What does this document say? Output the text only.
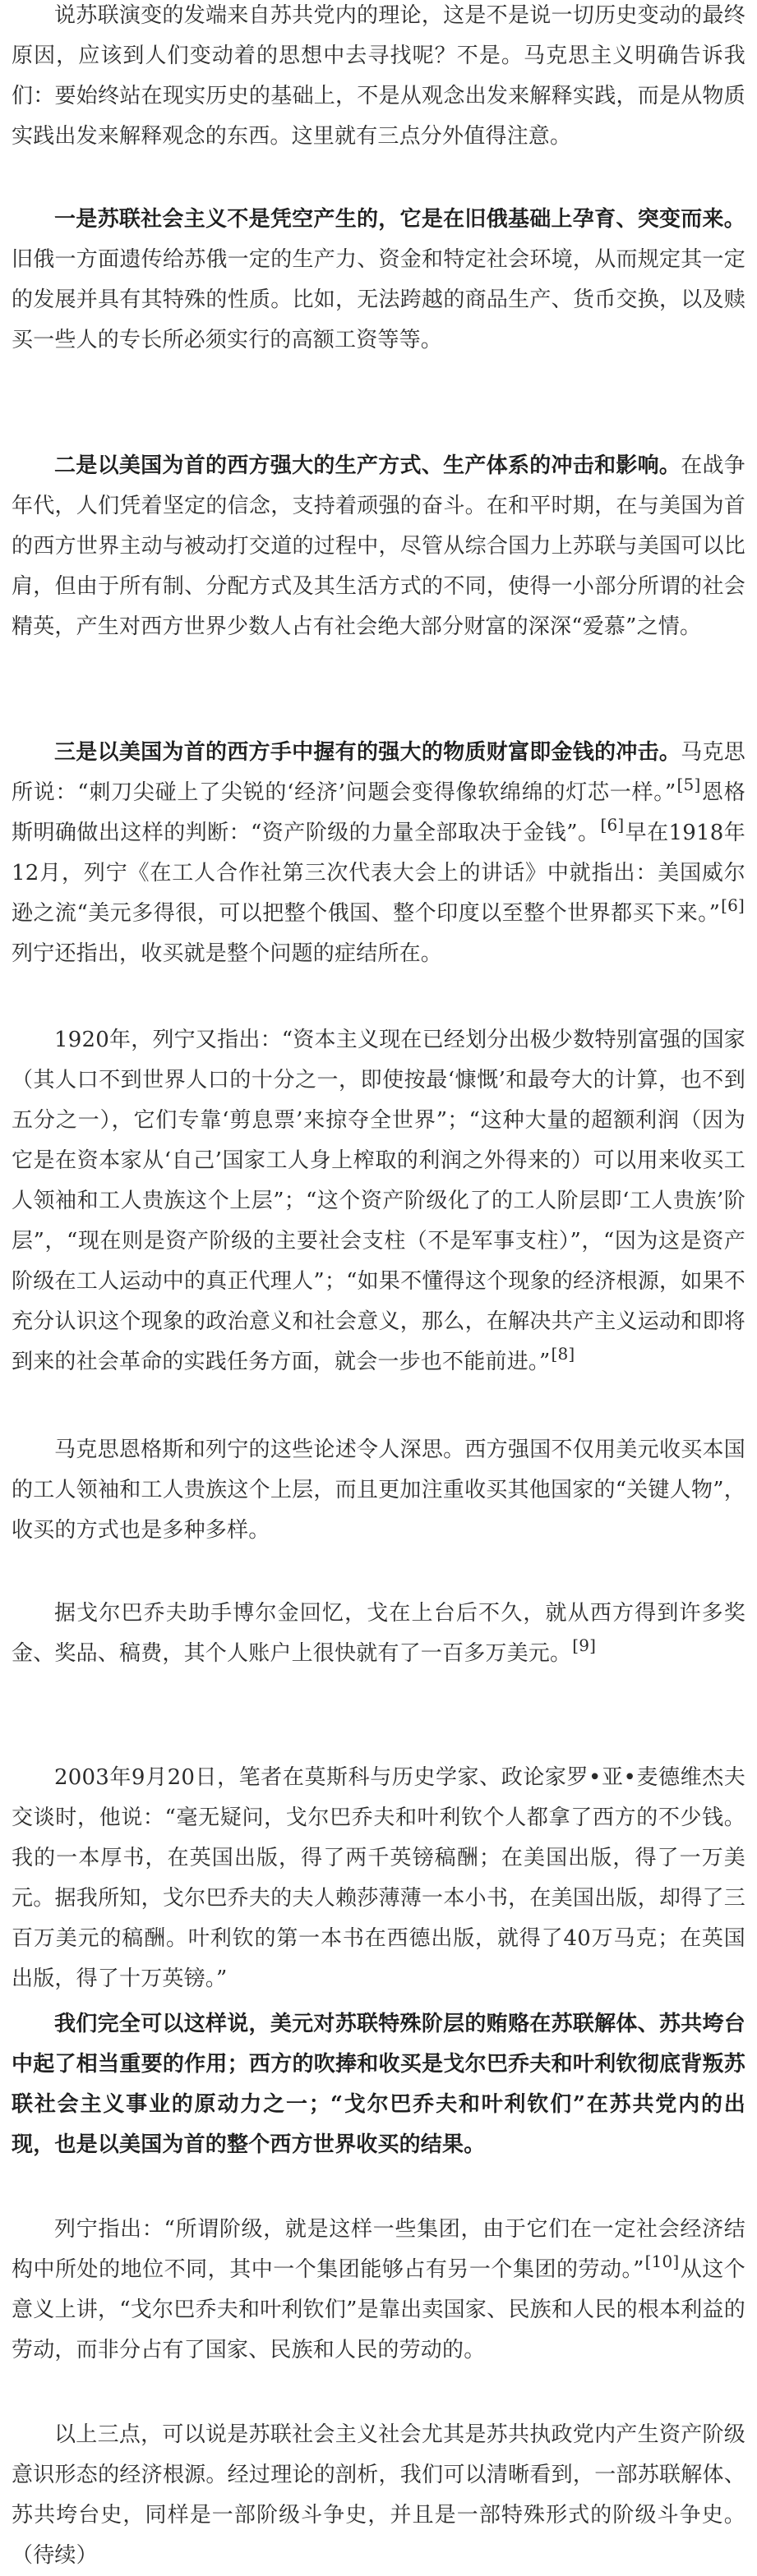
说苏联演变的发端来自苏共党内的理论，这是不是说一切历史变动的最终原因，应该到人们变动着的思想中去寻找呢？不是。马克思主义明确告诉我们：要始终站在现实历史的基础上，不是从观念出发来解释实践，而是从物质实践出发来解释观念的东西。这里就有三点分外值得注意。

一是苏联社会主义不是凭空产生的，它是在旧俄基础上孕育、突变而来。旧俄一方面遗传给苏俄一定的生产力、资金和特定社会环境，从而规定其一定的发展并具有其特殊的性质。比如，无法跨越的商品生产、货币交换，以及赎买一些人的专长所必须实行的高额工资等等。

二是以美国为首的西方强大的生产方式、生产体系的冲击和影响。在战争年代，人们凭着坚定的信念，支持着顽强的奋斗。在和平时期，在与美国为首的西方世界主动与被动打交道的过程中，尽管从综合国力上苏联与美国可以比肩，但由于所有制、分配方式及其生活方式的不同，使得一小部分所谓的社会精英，产生对西方世界少数人占有社会绝大部分财富的深深“爱慕”之情。

三是以美国为首的西方手中握有的强大的物质财富即金钱的冲击。马克思所说：“刺刀尖碰上了尖锐的‘经济’问题会变得像软绵绵的灯芯一样。”[5]恩格斯明确做出这样的判断：“资产阶级的力量全部取决于金钱”。[6]早在1918年12月，列宁《在工人合作社第三次代表大会上的讲话》中就指出：美国威尔逊之流“美元多得很，可以把整个俄国、整个印度以至整个世界都买下来。”[6]列宁还指出，收买就是整个问题的症结所在。

1920年，列宁又指出：“资本主义现在已经划分出极少数特别富强的国家（其人口不到世界人口的十分之一，即使按最‘慷慨’和最夸大的计算，也不到五分之一），它们专靠‘剪息票’来掠夺全世界”；“这种大量的超额利润（因为它是在资本家从‘自己’国家工人身上榨取的利润之外得来的）可以用来收买工人领袖和工人贵族这个上层”；“这个资产阶级化了的工人阶层即‘工人贵族’阶层”，“现在则是资产阶级的主要社会支柱（不是军事支柱）”，“因为这是资产阶级在工人运动中的真正代理人”；“如果不懂得这个现象的经济根源，如果不充分认识这个现象的政治意义和社会意义，那么，在解决共产主义运动和即将到来的社会革命的实践任务方面，就会一步也不能前进。”[8]

马克思恩格斯和列宁的这些论述令人深思。西方强国不仅用美元收买本国的工人领袖和工人贵族这个上层，而且更加注重收买其他国家的“关键人物”，收买的方式也是多种多样。

据戈尔巴乔夫助手博尔金回忆，戈在上台后不久，就从西方得到许多奖金、奖品、稿费，其个人账户上很快就有了一百多万美元。[9]

2003年9月20日，笔者在莫斯科与历史学家、政论家罗•亚•麦德维杰夫交谈时，他说：“毫无疑问，戈尔巴乔夫和叶利钦个人都拿了西方的不少钱。我的一本厚书，在英国出版，得了两千英镑稿酬；在美国出版，得了一万美元。据我所知，戈尔巴乔夫的夫人赖莎薄薄一本小书，在美国出版，却得了三百万美元的稿酬。叶利钦的第一本书在西德出版，就得了40万马克；在英国出版，得了十万英镑。”

我们完全可以这样说，美元对苏联特殊阶层的贿赂在苏联解体、苏共垮台中起了相当重要的作用；西方的吹捧和收买是戈尔巴乔夫和叶利钦彻底背叛苏联社会主义事业的原动力之一；“戈尔巴乔夫和叶利钦们”在苏共党内的出现，也是以美国为首的整个西方世界收买的结果。

列宁指出：“所谓阶级，就是这样一些集团，由于它们在一定社会经济结构中所处的地位不同，其中一个集团能够占有另一个集团的劳动。”[10]从这个意义上讲，“戈尔巴乔夫和叶利钦们”是靠出卖国家、民族和人民的根本利益的劳动，而非分占有了国家、民族和人民的劳动的。

以上三点，可以说是苏联社会主义社会尤其是苏共执政党内产生资产阶级意识形态的经济根源。经过理论的剖析，我们可以清晰看到，一部苏联解体、苏共垮台史，同样是一部阶级斗争史，并且是一部特殊形式的阶级斗争史。（待续）
